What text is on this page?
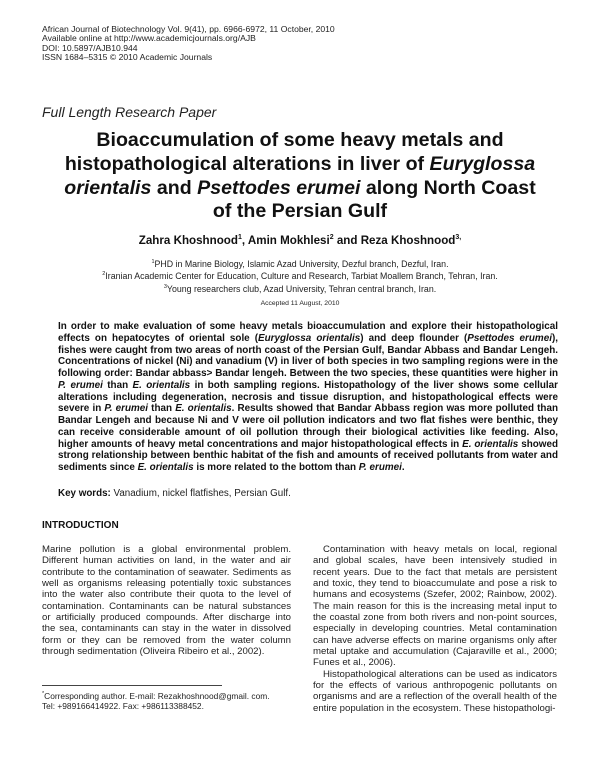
African Journal of Biotechnology Vol. 9(41), pp. 6966-6972, 11 October, 2010
Available online at http://www.academicjournals.org/AJB
DOI: 10.5897/AJB10.944
ISSN 1684–5315 © 2010 Academic Journals
Full Length Research Paper
Bioaccumulation of some heavy metals and histopathological alterations in liver of Euryglossa orientalis and Psettodes erumei along North Coast of the Persian Gulf
Zahra Khoshnood$^1$, Amin Mokhlesi$^2$ and Reza Khoshnood$^{3,}$
$^1$PHD in Marine Biology, Islamic Azad University, Dezful branch, Dezful, Iran.
$^2$Iranian Academic Center for Education, Culture and Research, Tarbiat Moallem Branch, Tehran, Iran.
$^3$Young researchers club, Azad University, Tehran central branch, Iran.
Accepted 11 August, 2010
In order to make evaluation of some heavy metals bioaccumulation and explore their histopathological effects on hepatocytes of oriental sole (Euryglossa orientalis) and deep flounder (Psettodes erumei), fishes were caught from two areas of north coast of the Persian Gulf, Bandar Abbass and Bandar Lengeh. Concentrations of nickel (Ni) and vanadium (V) in liver of both species in two sampling regions were in the following order: Bandar abbass> Bandar lengeh. Between the two species, these quantities were higher in P. erumei than E. orientalis in both sampling regions. Histopathology of the liver shows some cellular alterations including degeneration, necrosis and tissue disruption, and histopathological effects were severe in P. erumei than E. orientalis. Results showed that Bandar Abbass region was more polluted than Bandar Lengeh and because Ni and V were oil pollution indicators and two flat fishes were benthic, they can receive considerable amount of oil pollution through their biological activities like feeding. Also, higher amounts of heavy metal concentrations and major histopathological effects in E. orientalis showed strong relationship between benthic habitat of the fish and amounts of received pollutants from water and sediments since E. orientalis is more related to the bottom than P. erumei.
Key words: Vanadium, nickel flatfishes, Persian Gulf.
INTRODUCTION

Marine pollution is a global environmental problem. Different human activities on land, in the water and air contribute to the contamination of seawater. Sediments as well as organisms releasing potentially toxic substances into the water also contribute their quota to the level of contamination. Contaminants can be natural substances or artificially produced compounds. After discharge into the sea, contaminants can stay in the water in dissolved form or they can be removed from the water column through sedimentation (Oliveira Ribeiro et al., 2002).

Contamination with heavy metals on local, regional and global scales, have been intensively studied in recent years. Due to the fact that metals are persistent and toxic, they tend to bioaccumulate and pose a risk to humans and ecosystems (Szefer, 2002; Rainbow, 2002). The main reason for this is the increasing metal input to the coastal zone from both rivers and non-point sources, especially in developing countries. Metal contamination can have adverse effects on marine organisms only after metal uptake and accumulation (Cajaraville et al., 2000; Funes et al., 2006).

Histopathological alterations can be used as indicators for the effects of various anthropogenic pollutants on organisms and are a reflection of the overall health of the entire population in the ecosystem. These histopathologi-

*Corresponding author. E-mail: Rezakhoshnood@gmail. com.
Tel: +989166414922. Fax: +986113388452.
